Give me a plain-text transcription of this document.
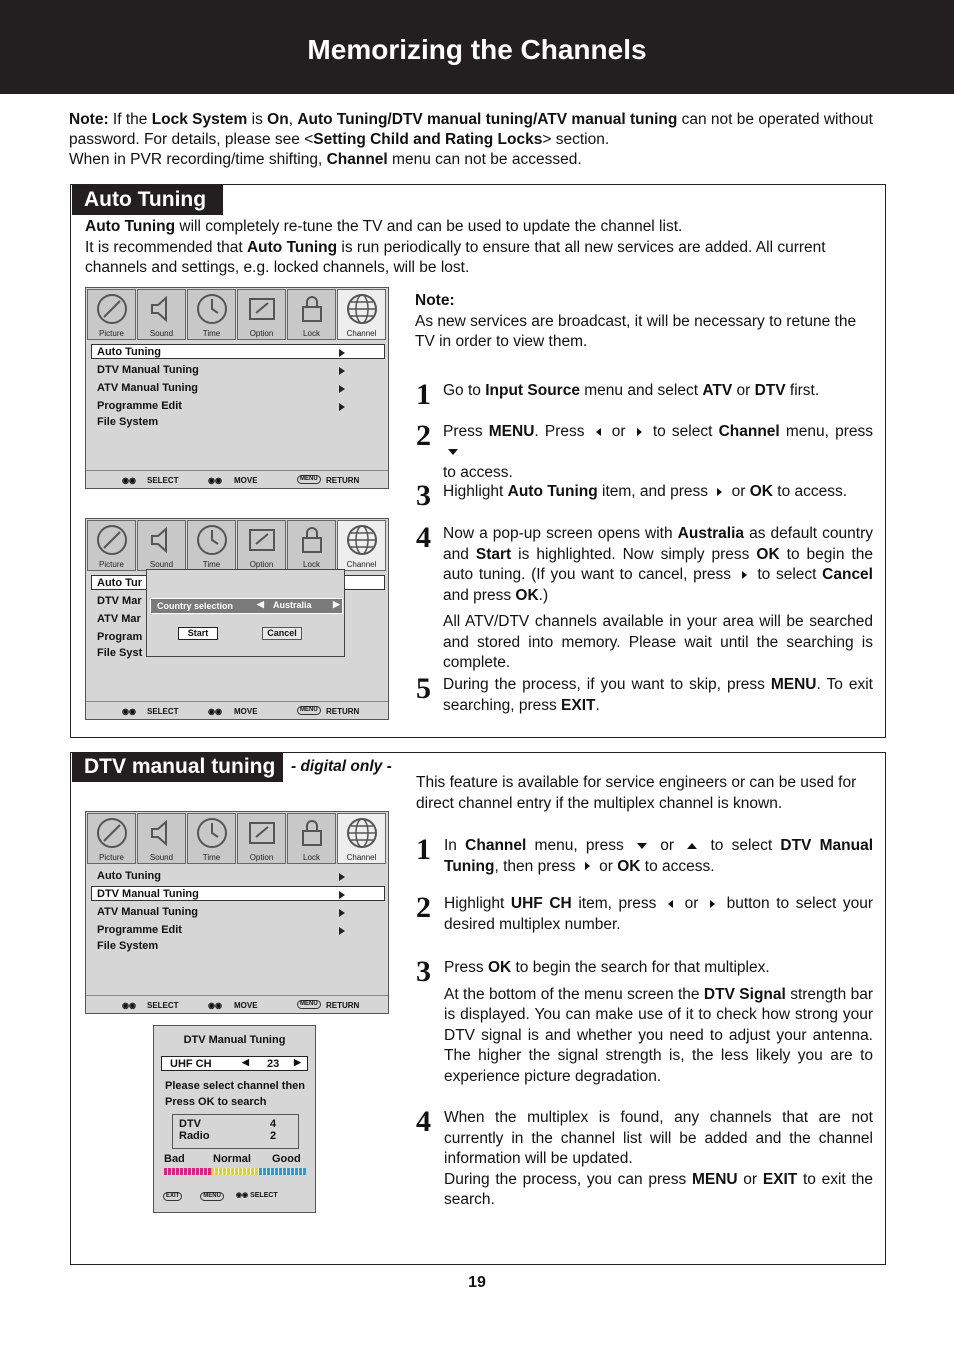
Memorizing the Channels
Note: If the Lock System is On, Auto Tuning/DTV manual tuning/ATV manual tuning can not be operated without password. For details, please see <Setting Child and Rating Locks> section.
When in PVR recording/time shifting, Channel menu can not be accessed.
Auto Tuning
Auto Tuning will completely re-tune the TV and can be used to update the channel list.
It is recommended that Auto Tuning is run periodically to ensure that all new services are added. All current channels and settings, e.g. locked channels, will be lost.
Picture	Sound	Time	Option	Lock	Channel
Auto Tuning
DTV Manual Tuning
ATV Manual Tuning
Programme Edit
File System
◉◉ SELECT	◉◉ MOVE	MENU	RETURN
Picture	Sound	Time	Option	Lock	Channel
Auto Tur
DTV Mar
ATV Mar
Program
File Syst
◉◉ SELECT	◉◉ MOVE	MENU	RETURN
Country selection	◀ Australia ▶
Start	Cancel
Note:
As new services are broadcast, it will be necessary to retune the TV in order to view them.
1 Go to Input Source menu and select ATV or DTV first.
2 Press MENU. Press  or  to select Channel menu, press
to access.
3 Highlight Auto Tuning item, and press  or OK to access.
4 Now a pop-up screen opens with Australia as default country and Start is highlighted. Now simply press OK to begin the auto tuning. (If you want to cancel, press  to select Cancel and press OK.)
All ATV/DTV channels available in your area will be searched and stored into memory. Please wait until the searching is complete.
5 During the process, if you want to skip, press MENU. To exit searching, press EXIT.
DTV manual tuning	- digital only -
This feature is available for service engineers or can be used for direct channel entry if the multiplex channel is known.
Picture	Sound	Time	Option	Lock	Channel
Auto Tuning
DTV Manual Tuning
ATV Manual Tuning
Programme Edit
File System
◉◉ SELECT	◉◉ MOVE	MENU	RETURN
DTV Manual Tuning
UHF CH	◀ 23 ▶
Please select channel then
Press OK to search
DTV	4
Radio	2
Bad	Normal Good
EXIT	MENU ◉◉ SELECT
1 In Channel menu, press  or  to select DTV Manual Tuning, then press  or OK to access.
2 Highlight UHF CH item, press  or  button to select your desired multiplex number.
3 Press OK to begin the search for that multiplex.
At the bottom of the menu screen the DTV Signal strength bar is displayed. You can make use of it to check how strong your DTV signal is and whether you need to adjust your antenna. The higher the signal strength is, the less likely you are to experience picture degradation.
4 When the multiplex is found, any channels that are not currently in the channel list will be added and the channel information will be updated.
During the process, you can press MENU or EXIT to exit the search.
19
